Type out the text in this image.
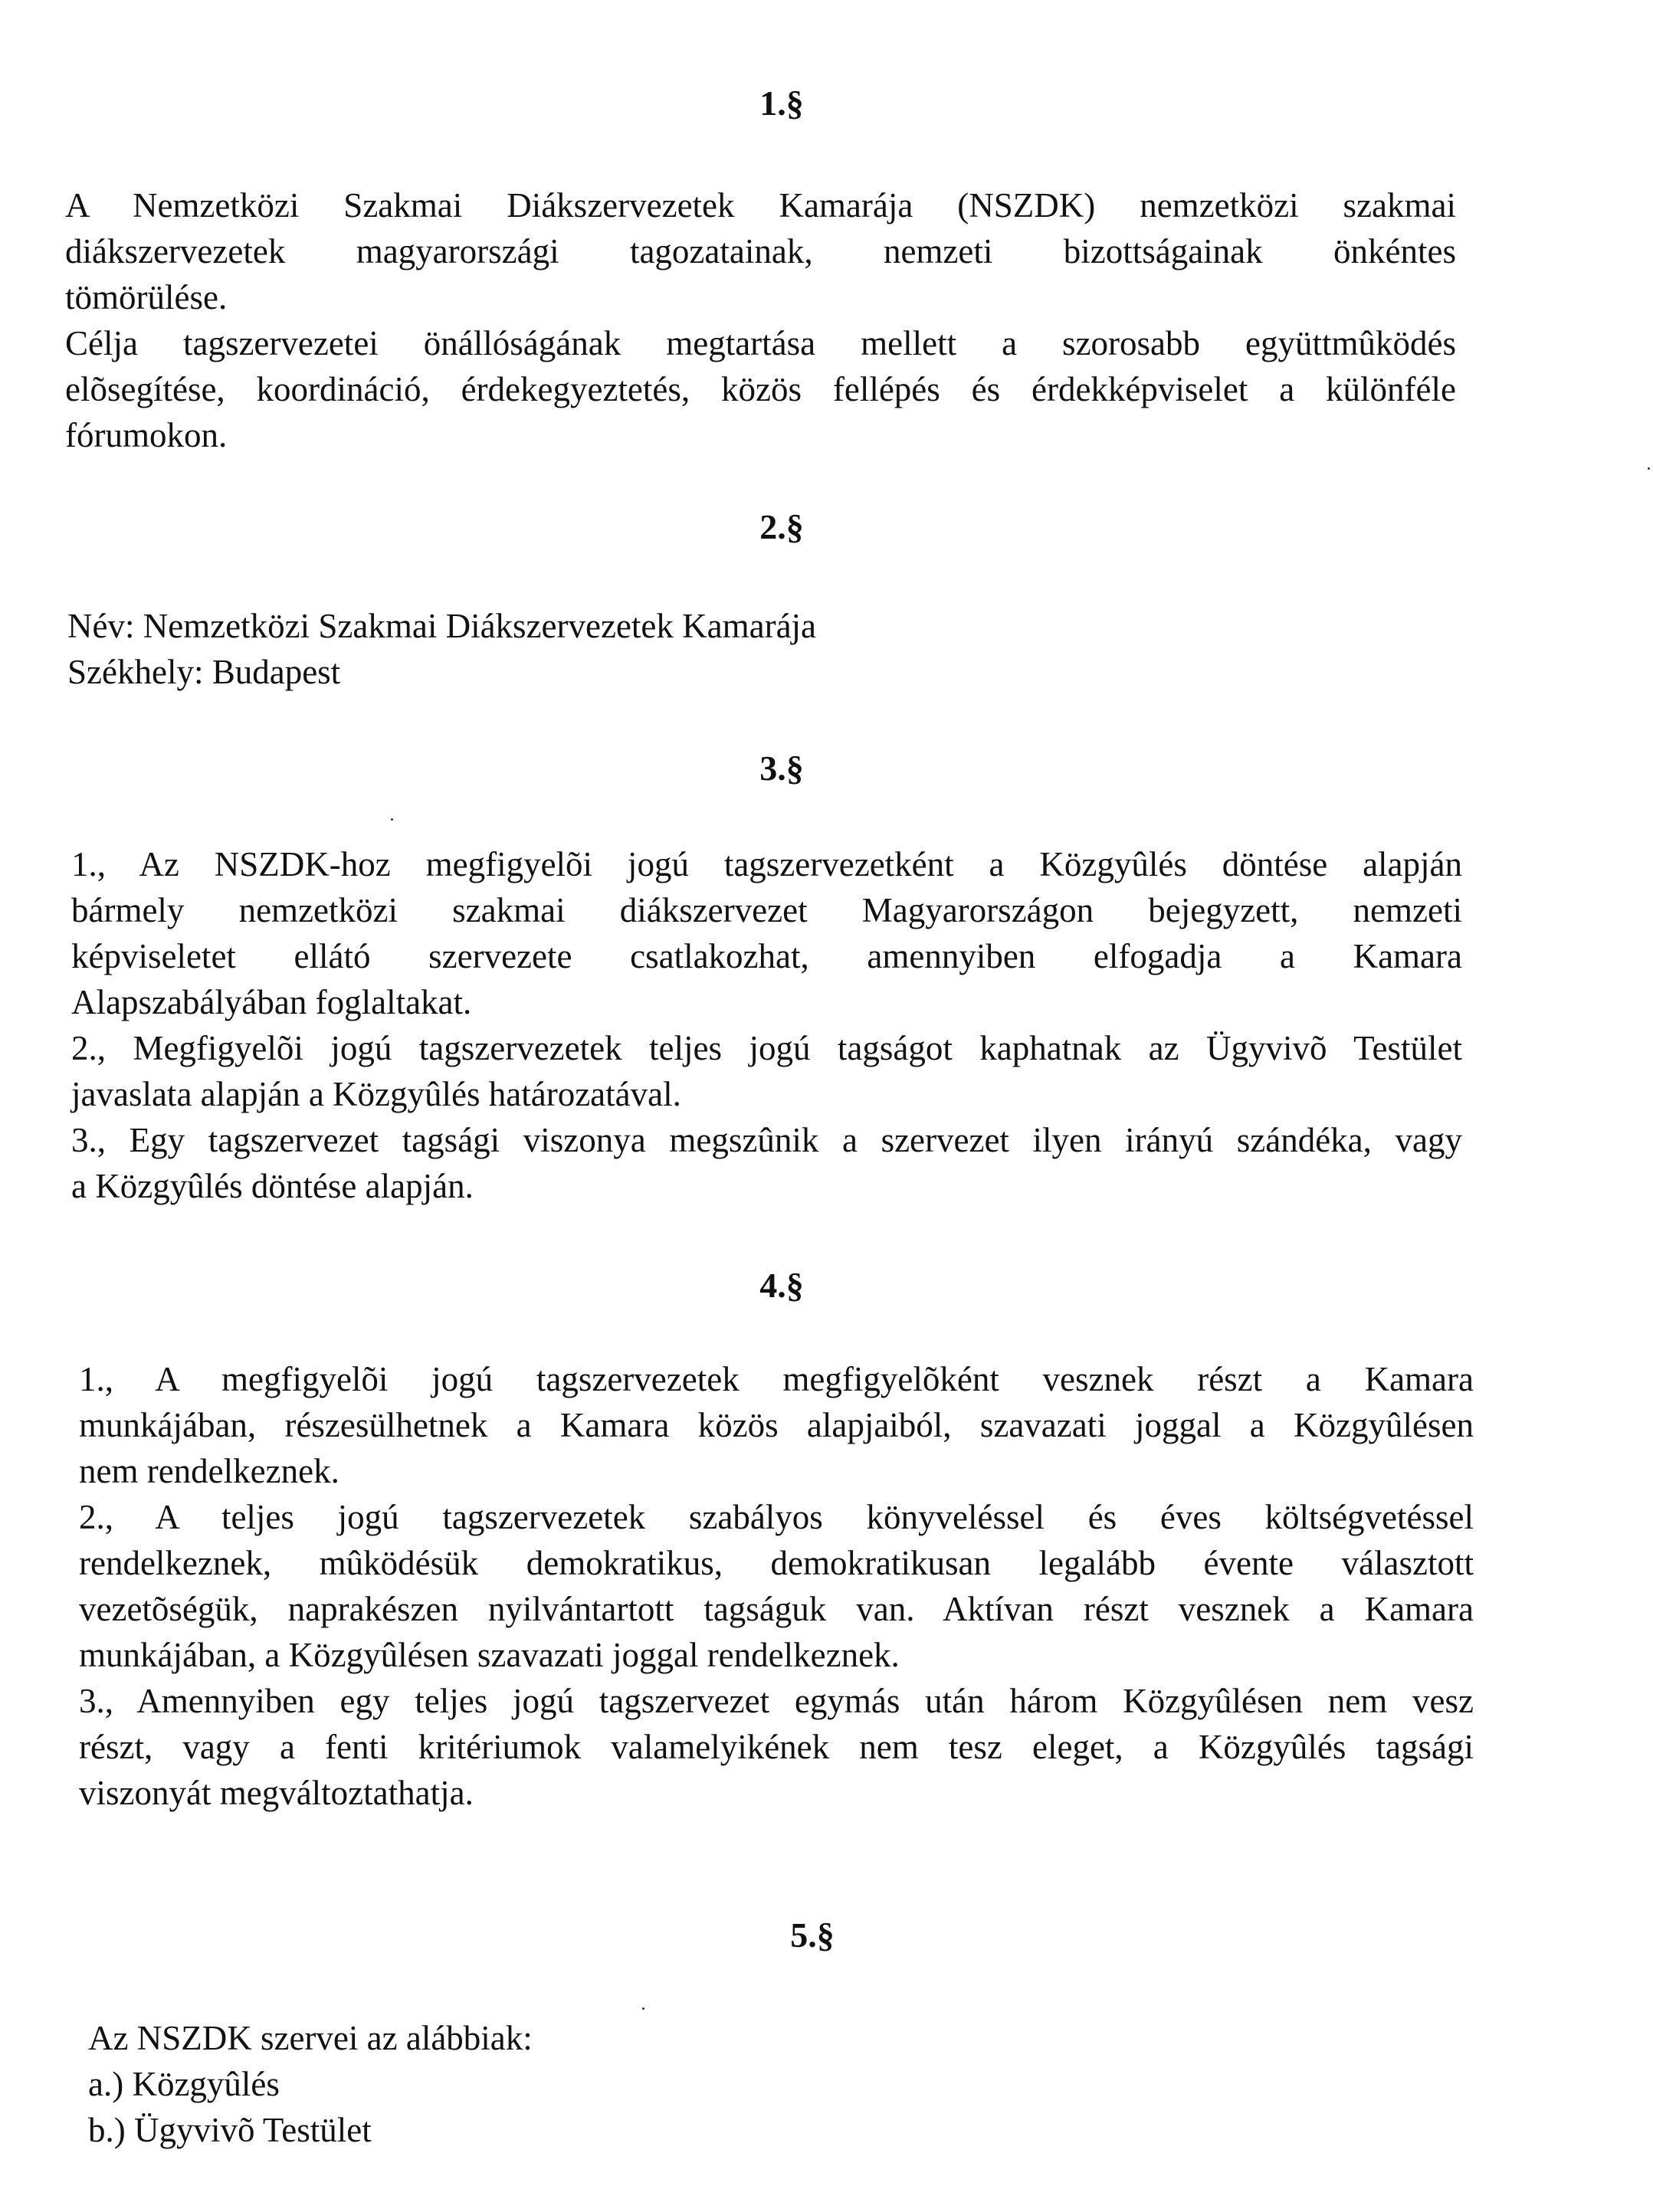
1.§
A Nemzetközi Szakmai Diákszervezetek Kamarája (NSZDK) nemzetközi szakmai
diákszervezetek magyarországi tagozatainak, nemzeti bizottságainak önkéntes
tömörülése.
Célja tagszervezetei önállóságának megtartása mellett a szorosabb együttmûködés
elõsegítése, koordináció, érdekegyeztetés, közös fellépés és érdekképviselet a különféle
fórumokon.
2.§
Név: Nemzetközi Szakmai Diákszervezetek Kamarája
Székhely: Budapest
3.§
1., Az NSZDK-hoz megfigyelõi jogú tagszervezetként a Közgyûlés döntése alapján
bármely nemzetközi szakmai diákszervezet Magyarországon bejegyzett, nemzeti
képviseletet ellátó szervezete csatlakozhat, amennyiben elfogadja a Kamara
Alapszabályában foglaltakat.
2., Megfigyelõi jogú tagszervezetek teljes jogú tagságot kaphatnak az Ügyvivõ Testület
javaslata alapján a Közgyûlés határozatával.
3., Egy tagszervezet tagsági viszonya megszûnik a szervezet ilyen irányú szándéka, vagy
a Közgyûlés döntése alapján.
4.§
1., A megfigyelõi jogú tagszervezetek megfigyelõként vesznek részt a Kamara
munkájában, részesülhetnek a Kamara közös alapjaiból, szavazati joggal a Közgyûlésen
nem rendelkeznek.
2., A teljes jogú tagszervezetek szabályos könyveléssel és éves költségvetéssel
rendelkeznek, mûködésük demokratikus, demokratikusan legalább évente választott
vezetõségük, naprakészen nyilvántartott tagságuk van. Aktívan részt vesznek a Kamara
munkájában, a Közgyûlésen szavazati joggal rendelkeznek.
3., Amennyiben egy teljes jogú tagszervezet egymás után három Közgyûlésen nem vesz
részt, vagy a fenti kritériumok valamelyikének nem tesz eleget, a Közgyûlés tagsági
viszonyát megváltoztathatja.
5.§
Az NSZDK szervei az alábbiak:
a.) Közgyûlés
b.) Ügyvivõ Testület
